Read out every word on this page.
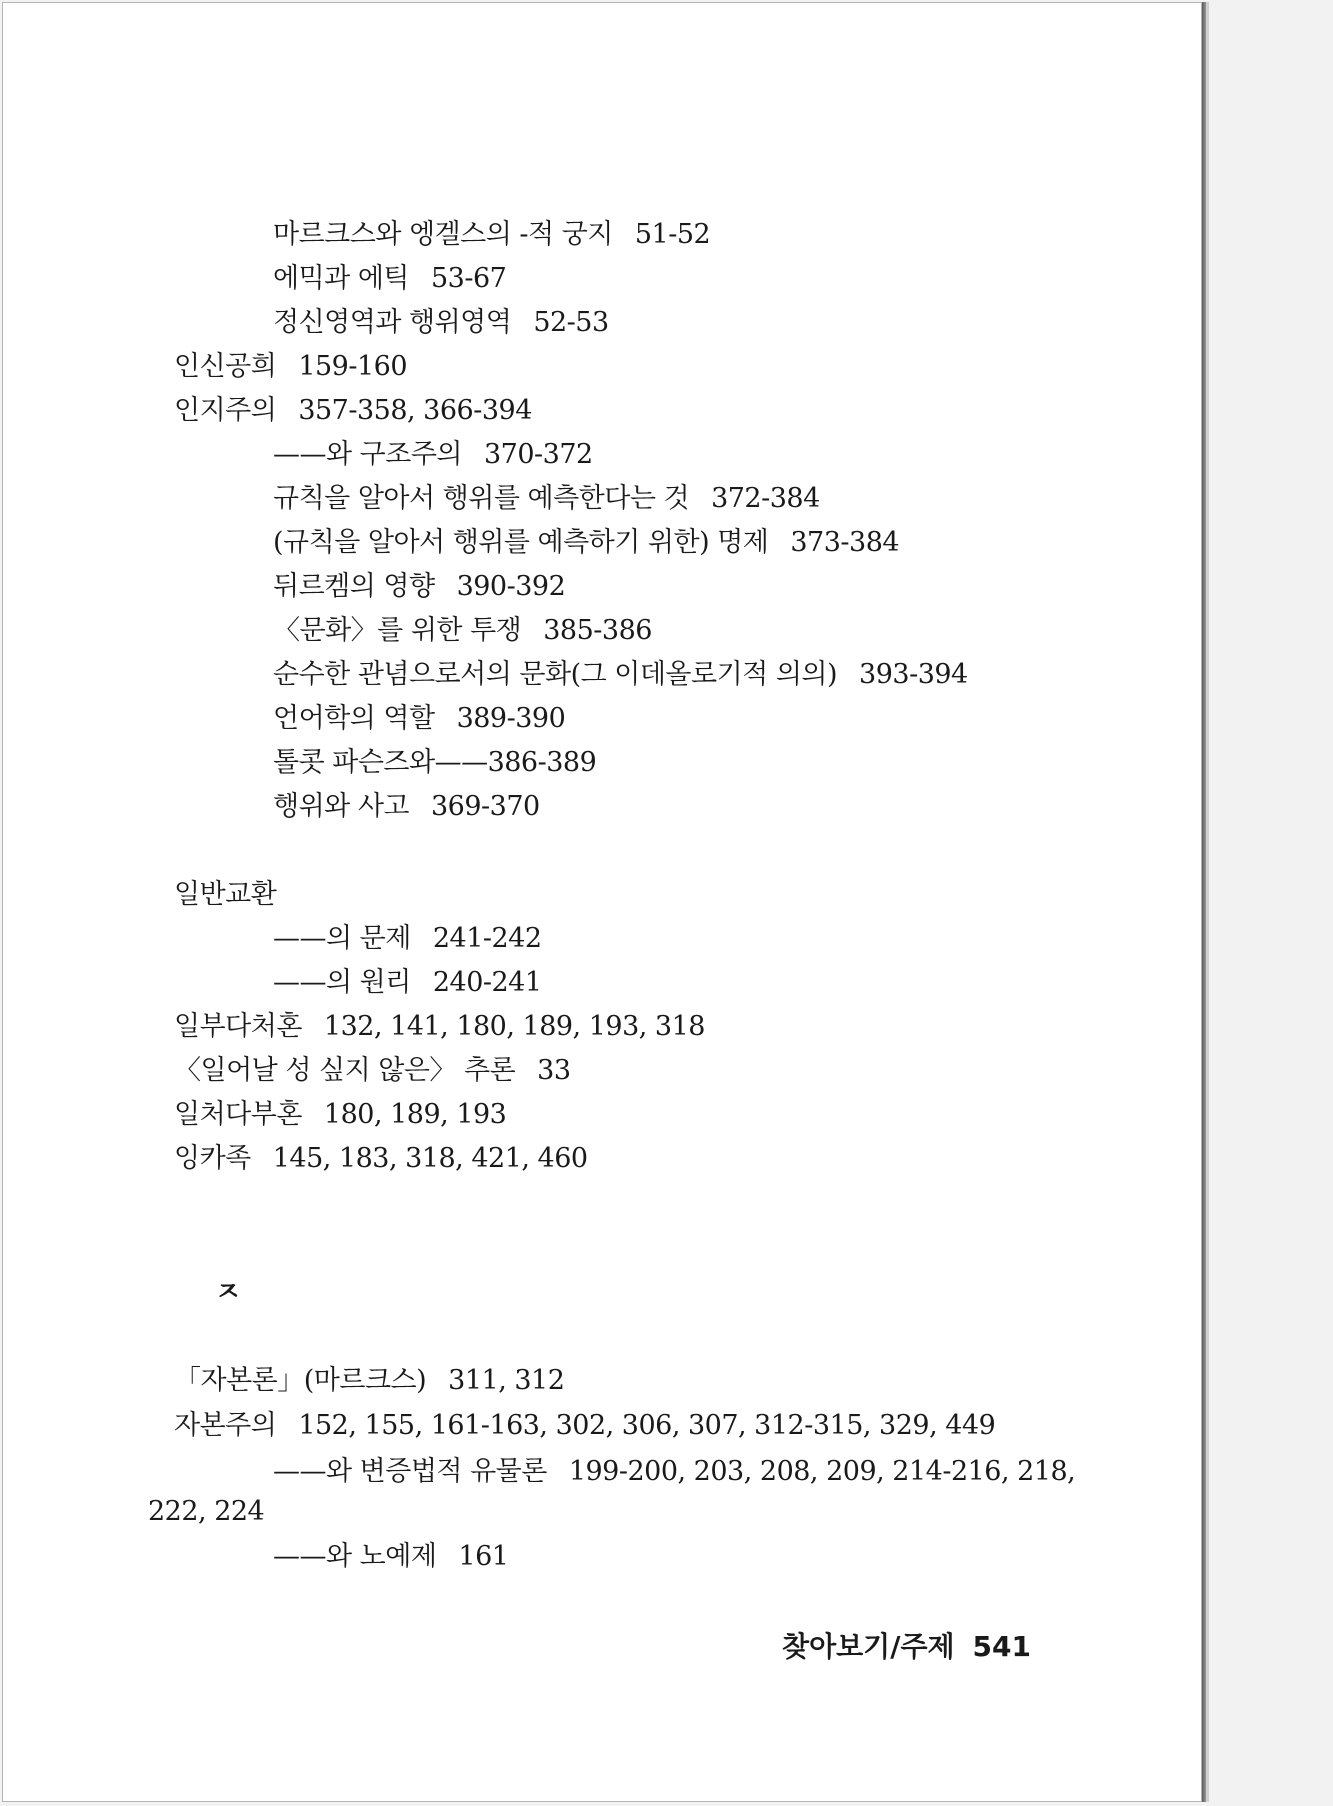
마르크스와 엥겔스의 -적 궁지 51-52
에믹과 에틱 53-67
정신영역과 행위영역 52-53
인신공희 159-160
인지주의 357-358, 366-394
——와 구조주의 370-372
규칙을 알아서 행위를 예측한다는 것 372-384
(규칙을 알아서 행위를 예측하기 위한) 명제 373-384
뒤르켐의 영향 390-392
〈문화〉를 위한 투쟁 385-386
순수한 관념으로서의 문화(그 이데올로기적 의의) 393-394
언어학의 역할 389-390
톨콧 파슨즈와——386-389
행위와 사고 369-370
일반교환
——의 문제 241-242
——의 원리 240-241
일부다처혼 132, 141, 180, 189, 193, 318
〈일어날 성 싶지 않은〉 추론 33
일처다부혼 180, 189, 193
잉카족 145, 183, 318, 421, 460
ㅈ
「자본론」(마르크스) 311, 312
자본주의 152, 155, 161-163, 302, 306, 307, 312-315, 329, 449
——와 변증법적 유물론 199-200, 203, 208, 209, 214-216, 218,
222, 224
——와 노예제 161
찾아보기/주제 541
